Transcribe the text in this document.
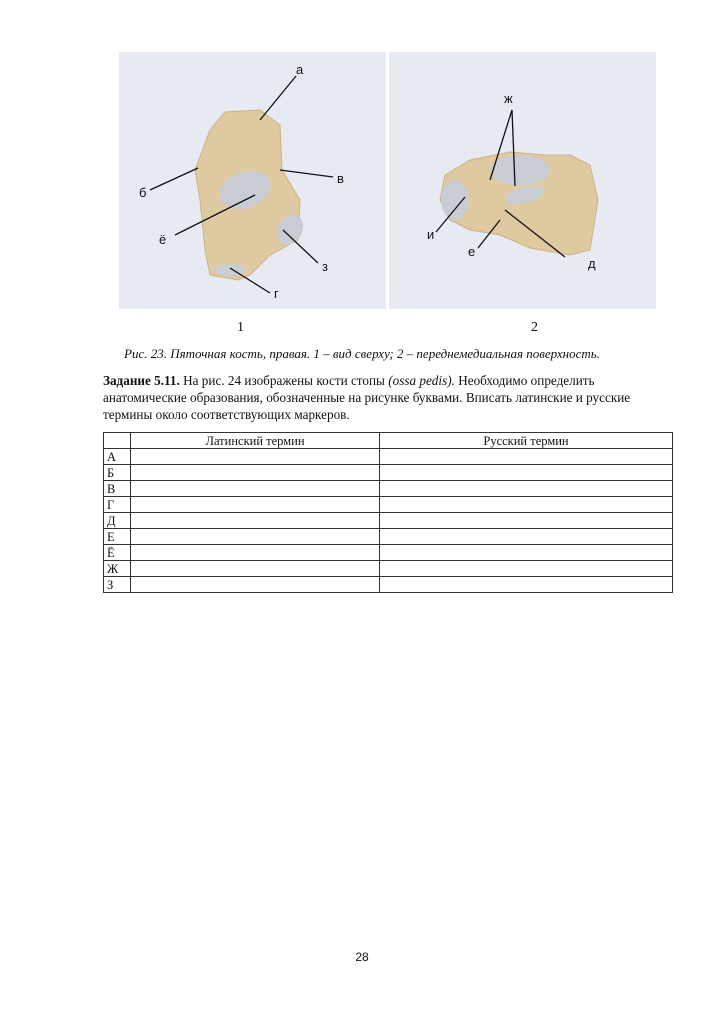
а
б
в
ё
з
г
ж
и
е
д
1	2
Рис. 23. Пяточная кость, правая. 1 – вид сверху; 2 – переднемедиальная поверхность.
Задание 5.11. На рис. 24 изображены кости стопы (ossa pedis). Необходимо определить анатомические образования, обозначенные на рисунке буквами. Вписать латинские и русские термины около соответствующих маркеров.
	Латинский термин	Русский термин
А		
Б		
В		
Г		
Д		
Е		
Ё		
Ж		
З		
28
